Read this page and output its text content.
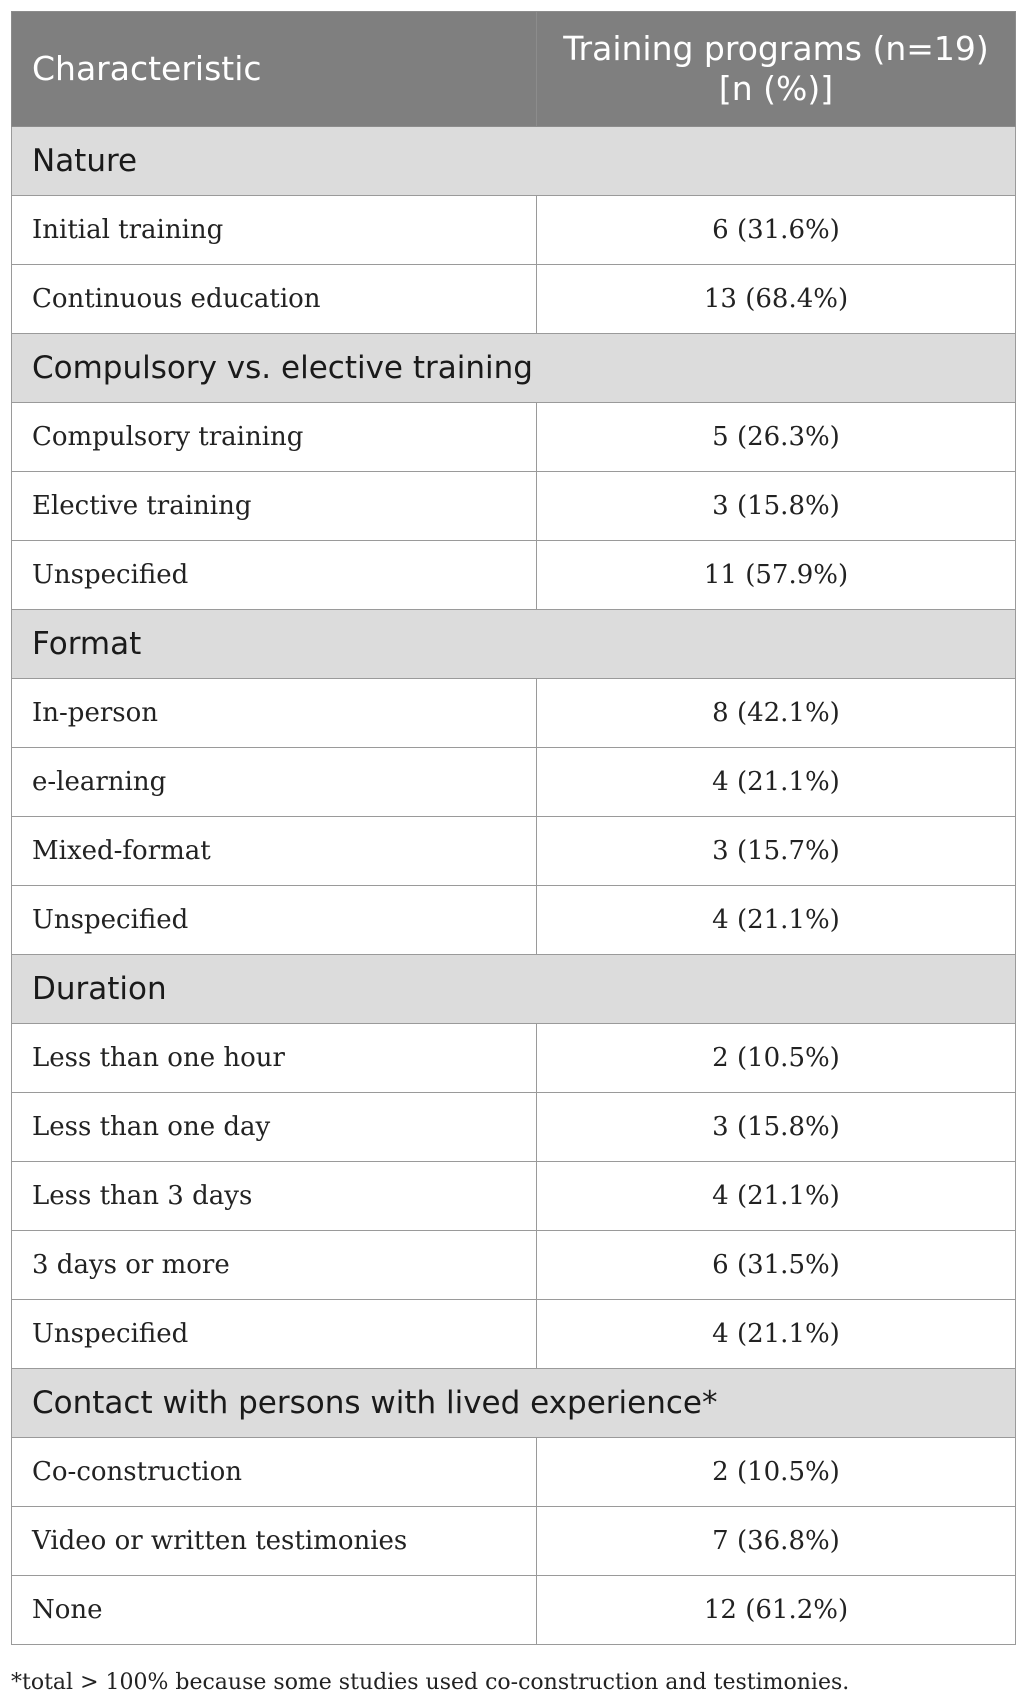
Characteristic	Training programs (n=19)
[n (%)]
Nature	
Initial training	6 (31.6%)
Continuous education	13 (68.4%)
Compulsory vs. elective training	
Compulsory training	5 (26.3%)
Elective training	3 (15.8%)
Unspecified	11 (57.9%)
Format	
In-person	8 (42.1%)
e-learning	4 (21.1%)
Mixed-format	3 (15.7%)
Unspecified	4 (21.1%)
Duration	
Less than one hour	2 (10.5%)
Less than one day	3 (15.8%)
Less than 3 days	4 (21.1%)
3 days or more	6 (31.5%)
Unspecified	4 (21.1%)
Contact with persons with lived experience*	
Co-construction	2 (10.5%)
Video or written testimonies	7 (36.8%)
None	12 (61.2%)
*total > 100% because some studies used co-construction and testimonies.
